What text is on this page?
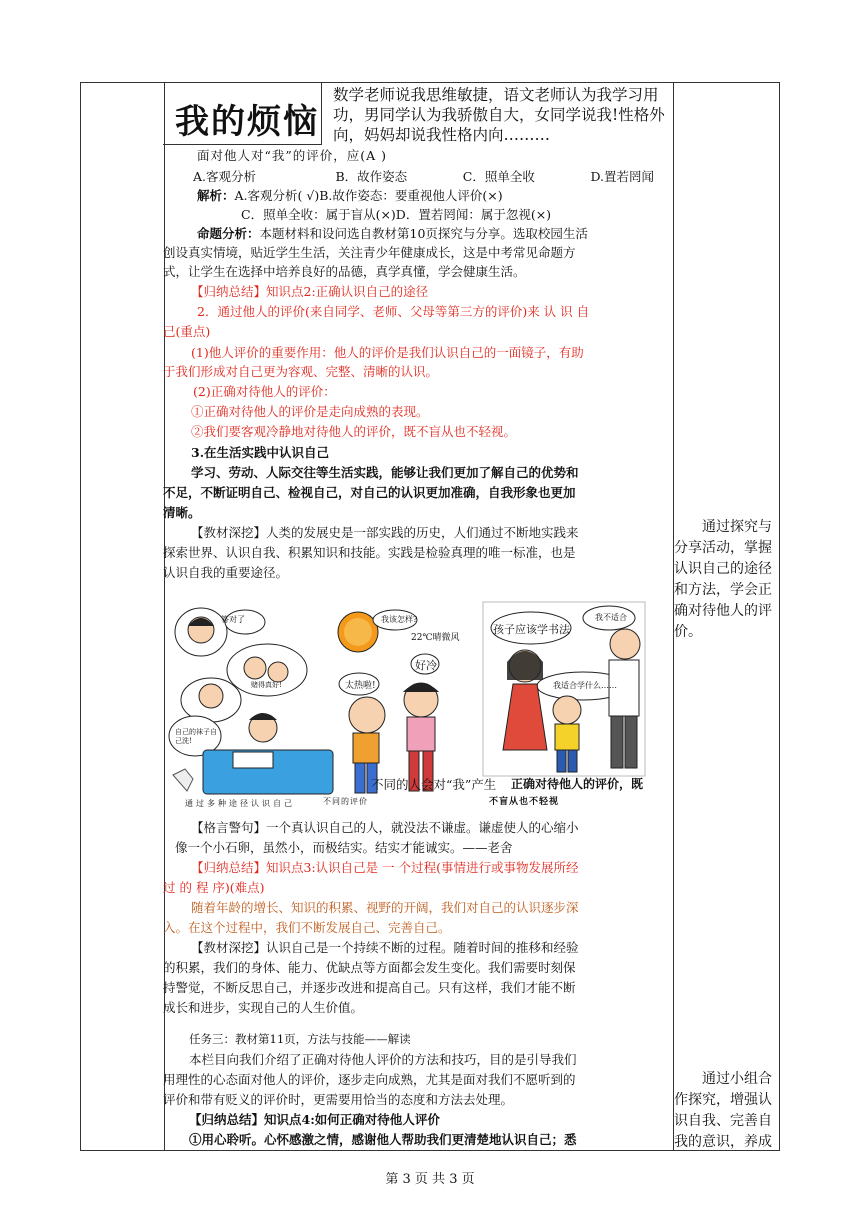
我的烦恼
数学老师说我思维敏捷，语文老师认为我学习用功，男同学认为我骄傲自大，女同学说我!性格外向，妈妈却说我性格内向………
面对他人对“我”的评价，应(A )
A.客观分析                    B．故作姿态              C．照单全收              D.置若罔闻
解析：A.客观分析( √)B.故作姿态：要重视他人评价(×)
C．照单全收：属于盲从(×)D．置若罔闻：属于忽视(×)
命题分析：本题材料和设问选自教材第10页探究与分享。选取校园生活
创设真实情境，贴近学生生活，关注青少年健康成长，这是中考常见命题方
式，让学生在选择中培养良好的品德，真学真懂，学会健康生活。
【归纳总结】知识点2:正确认识自己的途径
2．通过他人的评价(来自同学、老师、父母等第三方的评价)来 认 识 自
己(重点)
(1)他人评价的重要作用：他人的评价是我们认识自己的一面镜子，有助
于我们形成对自己更为容观、完整、清晰的认识。
(2)正确对待他人的评价：
①正确对待他人的评价是走向成熟的表现。
②我们要客观冷静地对待他人的评价，既不盲从也不轻视。
3.在生活实践中认识自己
学习、劳动、人际交往等生活实践，能够让我们更加了解自己的优势和
不足，不断证明自己、检视自己，对自己的认识更加准确，自我形象也更加
清晰。
【教材深挖】人类的发展史是一部实践的历史，人们通过不断地实践来
探索世界、认识自我、积累知识和技能。实践是检验真理的唯一标准，也是
认识自我的重要途径。
答对了
赌得真好!
自己的袜子自己洗!
通过多种途径认识自己
我该怎样?
22℃晴微风
太热啦!
好冷
不同的人会对“我”产生
不同的评价
孩子应该学书法
我不适合
我适合学什么……
正确对待他人的评价，既
不盲从也不轻视
【格言警句】一个真认识自己的人，就没法不谦虚。谦虚使人的心缩小
像一个小石卵，虽然小，而极结实。结实才能诚实。——老舍
【归纳总结】知识点3:认识自己是 一 个过程(事情进行或事物发展所经
过 的 程 序)(难点)
随着年龄的增长、知识的积累、视野的开阔，我们对自己的认识逐步深
入。在这个过程中，我们不断发展自己、完善自己。
【教材深挖】认识自己是一个持续不断的过程。随着时间的推移和经验
的积累，我们的身体、能力、优缺点等方面都会发生变化。我们需要时刻保
持警觉，不断反思自己，并逐步改进和提高自己。只有这样，我们才能不断
成长和进步，实现自己的人生价值。
任务三：教材第11页，方法与技能——解读
本栏目向我们介绍了正确对待他人评价的方法和技巧，目的是引导我们
用理性的心态面对他人的评价，逐步走向成熟，尤其是面对我们不愿听到的
评价和带有贬义的评价时，更需要用恰当的态度和方法去处理。
【归纳总结】知识点4:如何正确对待他人评价
①用心聆听。心怀感激之情，感谢他人帮助我们更清楚地认识自己；悉
通过探究与分享活动，掌握认识自己的途径和方法，学会正确对待他人的评价。
通过小组合作探究，增强认识自我、完善自我的意识，养成
第 3 页 共 3 页
